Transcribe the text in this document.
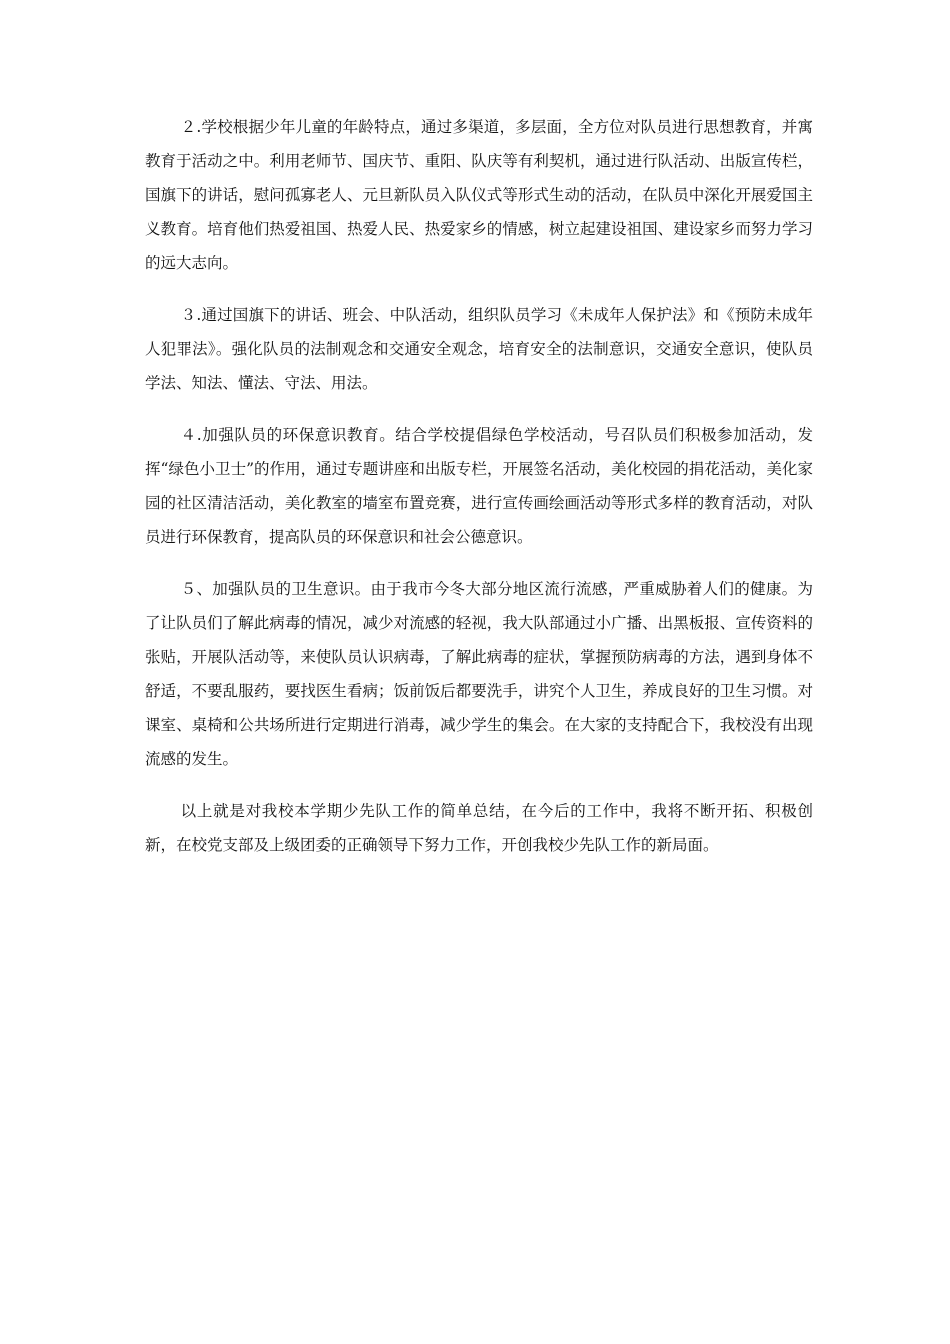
２.学校根据少年儿童的年龄特点，通过多渠道，多层面，全方位对队员进行思想教育，并寓教育于活动之中。利用老师节、国庆节、重阳、队庆等有利契机，通过进行队活动、出版宣传栏，国旗下的讲话，慰问孤寡老人、元旦新队员入队仪式等形式生动的活动，在队员中深化开展爱国主义教育。培育他们热爱祖国、热爱人民、热爱家乡的情感，树立起建设祖国、建设家乡而努力学习的远大志向。

３.通过国旗下的讲话、班会、中队活动，组织队员学习《未成年人保护法》和《预防未成年人犯罪法》。强化队员的法制观念和交通安全观念，培育安全的法制意识，交通安全意识，使队员学法、知法、懂法、守法、用法。

４.加强队员的环保意识教育。结合学校提倡绿色学校活动，号召队员们积极参加活动，发挥“绿色小卫士”的作用，通过专题讲座和出版专栏，开展签名活动，美化校园的捐花活动，美化家园的社区清洁活动，美化教室的墙室布置竞赛，进行宣传画绘画活动等形式多样的教育活动，对队员进行环保教育，提高队员的环保意识和社会公德意识。

５、加强队员的卫生意识。由于我市今冬大部分地区流行流感，严重威胁着人们的健康。为了让队员们了解此病毒的情况，减少对流感的轻视，我大队部通过小广播、出黑板报、宣传资料的张贴，开展队活动等，来使队员认识病毒，了解此病毒的症状，掌握预防病毒的方法，遇到身体不舒适，不要乱服药，要找医生看病；饭前饭后都要洗手，讲究个人卫生，养成良好的卫生习惯。对课室、桌椅和公共场所进行定期进行消毒，减少学生的集会。在大家的支持配合下，我校没有出现流感的发生。

以上就是对我校本学期少先队工作的简单总结，在今后的工作中，我将不断开拓、积极创新，在校党支部及上级团委的正确领导下努力工作，开创我校少先队工作的新局面。
